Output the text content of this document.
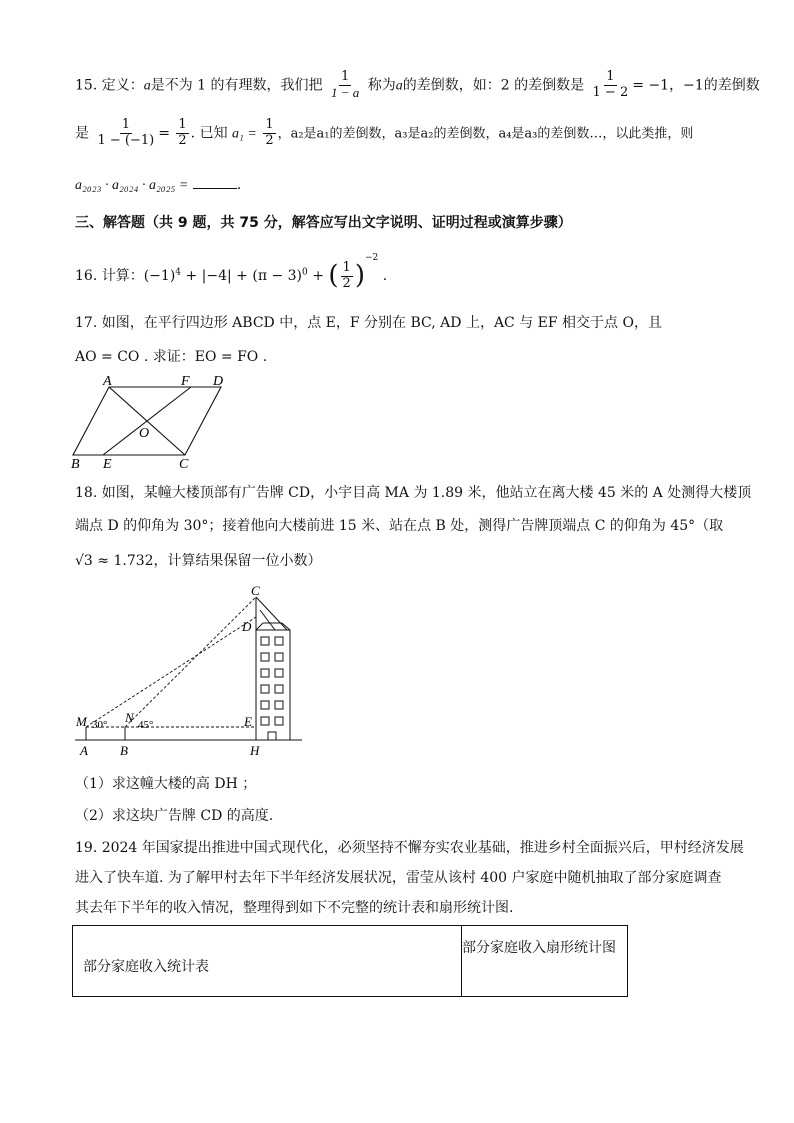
15. 定义：a是不为 1 的有理数，我们把 $\frac{1}{1 - a}$ 称为a的差倒数，如：2 的差倒数是 $\frac{1}{1 - 2} = -1$，−1的差倒数
是 $\frac{1}{1 - (-1)} = \frac{1}{2}$ . 已知 $a_1 = \frac{1}{2}$ ，a₂是a₁的差倒数，a₃是a₂的差倒数，a₄是a₃的差倒数…，以此类推，则
a₂₀₂₃ · a₂₀₂₄ · a₂₀₂₅ =	.
三、解答题（共 9 题，共 75 分，解答应写出文字说明、证明过程或演算步骤）
16. 计算：$(-1)^4 + |-4| + (\pi - 3)^0$ + ( $\frac{1}{2} )^{-2}$ .
17. 如图，在平行四边形 ABCD 中，点 E，F 分别在 BC, AD 上，AC 与 EF 相交于点 O，且
AO = CO . 求证：EO = FO .
A	F D
O
B E	C
18. 如图，某幢大楼顶部有广告牌 CD，小宇目高 MA 为 1.89 米，他站立在离大楼 45 米的 A 处测得大楼顶
端点 D 的仰角为 30°；接着他向大楼前进 15 米、站在点 B 处，测得广告牌顶端点 C 的仰角为 45°（取
√3 ≈ 1.732，计算结果保留一位小数）
C
D
M	N
30°	45°	E
A B	H
（1）求这幢大楼的高 DH ；
（2）求这块广告牌 CD 的高度.
19. 2024 年国家提出推进中国式现代化，必须坚持不懈夯实农业基础，推进乡村全面振兴后，甲村经济发展
进入了快车道. 为了解甲村去年下半年经济发展状况，雷莹从该村 400 户家庭中随机抽取了部分家庭调查
其去年下半年的收入情况，整理得到如下不完整的统计表和扇形统计图.
部分家庭收入统计表
部分家庭收入扇形统计图
